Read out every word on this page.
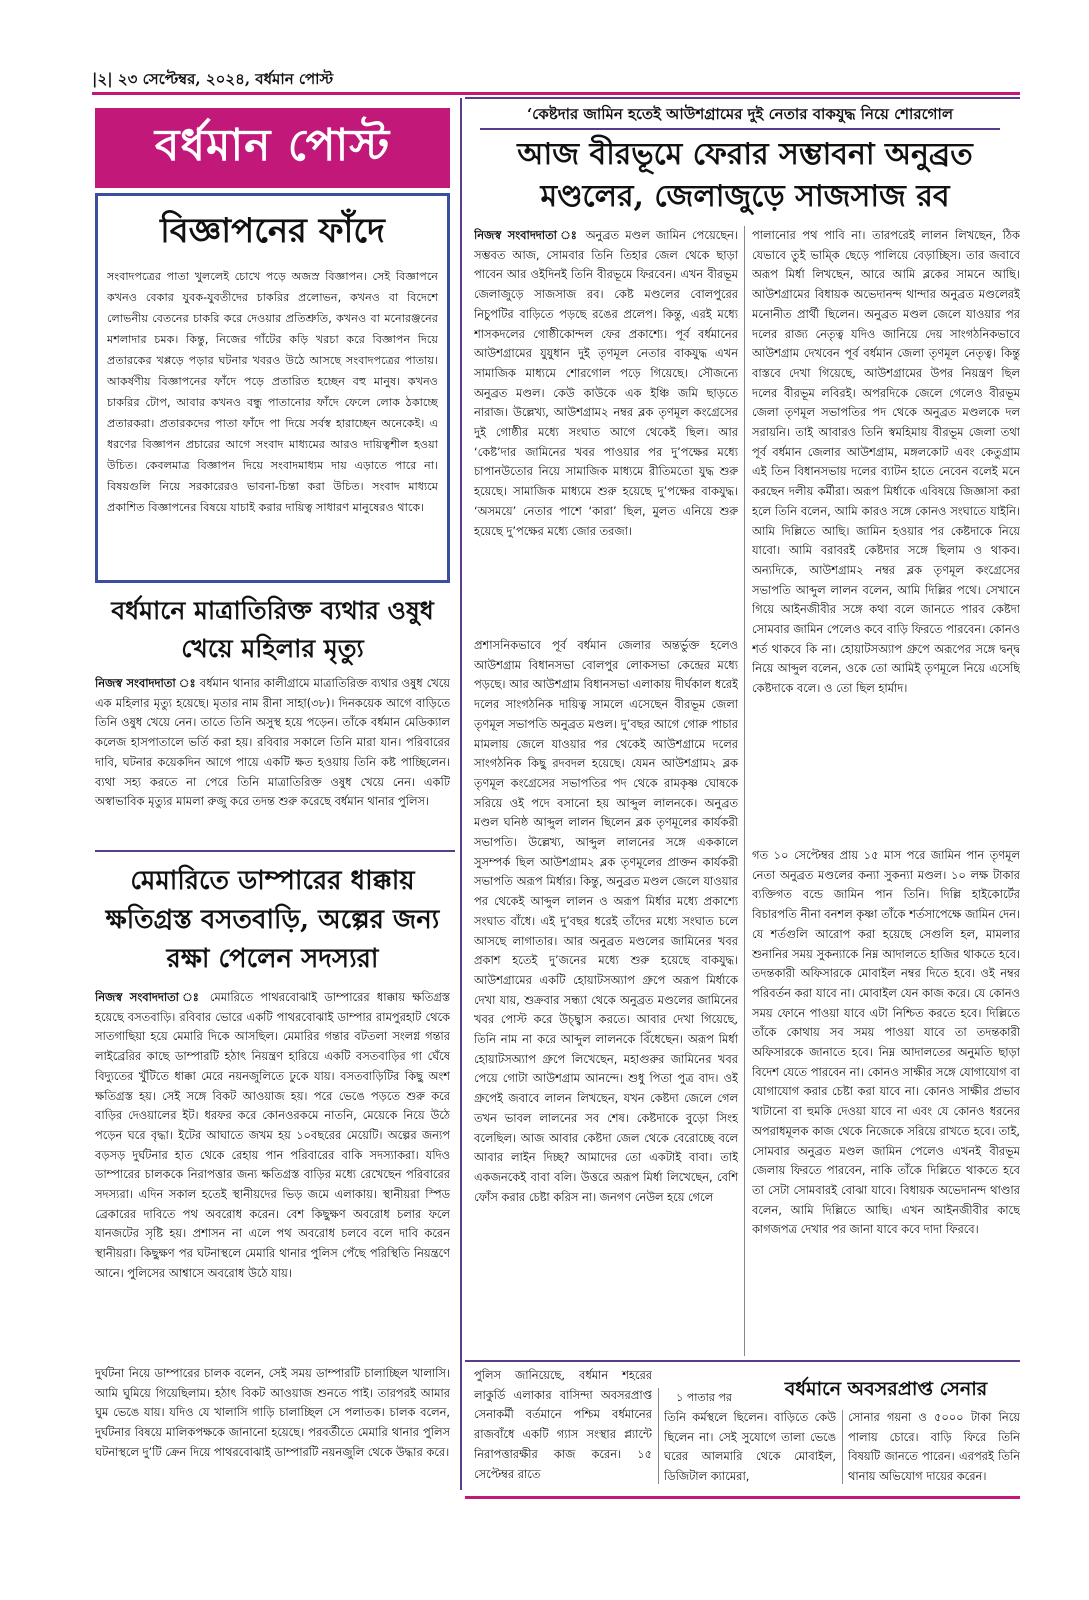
|২| ২৩ সেপ্টেম্বর, ২০২৪, বর্ধমান পোস্ট
বর্ধমান পোস্ট
বিজ্ঞাপনের ফাঁদে

সংবাদপত্রের পাতা খুললেই চোখে পড়ে অজস্র বিজ্ঞাপন। সেই বিজ্ঞাপনে কখনও বেকার যুবক-যুবতীদের চাকরির প্রলোভন, কখনও বা বিদেশে লোভনীয় বেতনের চাকরি করে দেওয়ার প্রতিশ্রুতি, কখনও বা মনোরঞ্জনের মশলাদার চমক। কিন্তু, নিজের গাঁটের কড়ি খরচা করে বিজ্ঞাপন দিয়ে প্রতারকের খপ্পড়ে পড়ার ঘটনার খবরও উঠে আসছে সংবাদপত্রের পাতায়। আকর্ষণীয় বিজ্ঞাপনের ফাঁদে পড়ে প্রতারিত হচ্ছেন বহু মানুষ। কখনও চাকরির টোপ, আবার কখনও বন্ধু পাতানোর ফাঁদে ফেলে লোক ঠকাচ্ছে প্রতারকরা। প্রতারকদের পাতা ফাঁদে পা দিয়ে সর্বস্ব হারাচ্ছেন অনেকেই। এ ধরণের বিজ্ঞাপন প্রচারের আগে সংবাদ মাধ্যমের আরও দায়িত্বশীল হওয়া উচিত। কেবলমাত্র বিজ্ঞাপন দিয়ে সংবাদমাধ্যম দায় এড়াতে পারে না। বিষয়গুলি নিয়ে সরকারেরও ভাবনা-চিন্তা করা উচিত। সংবাদ মাধ্যমে প্রকাশিত বিজ্ঞাপনের বিষয়ে যাচাই করার দায়িত্ব সাধারণ মানুষেরও থাকে।

বর্ধমানে মাত্রাতিরিক্ত ব্যথার ওষুধ খেয়ে মহিলার মৃত্যু

নিজস্ব সংবাদদাতা ঃ বর্ধমান থানার কালীগ্রামে মাত্রাতিরিক্ত ব্যথার ওষুধ খেয়ে এক মহিলার মৃত্যু হয়েছে। মৃতার নাম রীনা সাহা(৩৮)। দিনকয়েক আগে বাড়িতে তিনি ওষুধ খেয়ে নেন। তাতে তিনি অসুস্থ হয়ে পড়েন। তাঁকে বর্ধমান মেডিক্যাল কলেজ হাসপাতালে ভর্তি করা হয়। রবিবার সকালে তিনি মারা যান। পরিবারের দাবি, ঘটনার কয়েকদিন আগে পায়ে একটি ক্ষত হওয়ায় তিনি কষ্ট পাচ্ছিলেন। ব্যথা সহ্য করতে না পেরে তিনি মাত্রাতিরিক্ত ওষুধ খেয়ে নেন। একটি অস্বাভাবিক মৃত্যুর মামলা রুজু করে তদন্ত শুরু করেছে বর্ধমান থানার পুলিস।

মেমারিতে ডাম্পারের ধাক্কায় ক্ষতিগ্রস্ত বসতবাড়ি, অল্পের জন্য রক্ষা পেলেন সদস্যরা

নিজস্ব সংবাদদাতা ঃ মেমারিতে পাথরবোঝাই ডাম্পারের ধাক্কায় ক্ষতিগ্রস্ত হয়েছে বসতবাড়ি। রবিবার ভোরে একটি পাথরবোঝাই ডাম্পার রামপুরহাট থেকে সাতগাছিয়া হয়ে মেমারি দিকে আসছিল। মেমারির গন্তার বটতলা সংলগ্ন গন্তার লাইব্রেরির কাছে ডাম্পারটি হঠাৎ নিয়ন্ত্রণ হারিয়ে একটি বসতবাড়ির গা ঘেঁষে বিদ্যুতের খুঁটিতে ধাক্কা মেরে নয়নজুলিতে ঢুকে যায়। বসতবাড়িটির কিছু অংশ ক্ষতিগ্রস্ত হয়। সেই সঙ্গে বিকট আওয়াজ হয়। পরে ভেঙে পড়তে শুরু করে বাড়ির দেওয়ালের ইট। ধরফর করে কোনওরকমে নাতনি, মেয়েকে নিয়ে উঠে পড়েন ঘরে বৃদ্ধা। ইটের আঘাতে জখম হয় ১০বছরের মেয়েটি। অল্পের জন্যপ বড়সড় দুর্ঘটনার হাত থেকে রেহায় পান পরিবারের বাকি সদস্যাকরা। যদিও ডাম্পারের চালককে নিরাপত্তার জন্য ক্ষতিগ্রস্ত বাড়ির মধ্যে রেখেছেন পরিবারের সদস্যরা। এদিন সকাল হতেই স্থানীয়দের ভিড় জমে এলাকায়। স্থানীয়রা স্পিড ব্রেকারের দাবিতে পথ অবরোধ করেন। বেশ কিছুক্ষণ অবরোধ চলার ফলে যানজটের সৃষ্টি হয়। প্রশাসন না এলে পথ অবরোধ চলবে বলে দাবি করেন স্থানীয়রা। কিছুক্ষণ পর ঘটনাস্থলে মেমারি থানার পুলিস পেঁছে পরিস্থিতি নিয়ন্ত্রণে আনে। পুলিসের আশ্বাসে অবরোধ উঠে যায়।

দুর্ঘটনা নিয়ে ডাম্পারের চালক বলেন, সেই সময় ডাম্পারটি চালাচ্ছিল খালাসি। আমি ঘুমিয়ে গিয়েছিলাম। হঠাৎ বিকট আওয়াজ শুনতে পাই। তারপরই আমার ঘুম ভেঙে যায়। যদিও যে খালাসি গাড়ি চালাচ্ছিল সে পলাতক। চালক বলেন, দুর্ঘটনার বিষয়ে মালিকপক্ষকে জানানো হয়েছে। পরবর্তীতে মেমারি থানার পুলিস ঘটনাস্থলে দু’টি ক্রেন দিয়ে পাথরবোঝাই ডাম্পারটি নয়নজুলি থেকে উদ্ধার করে।

‘কেষ্টদার জামিন হতেই আউশগ্রামের দুই নেতার বাকযুদ্ধ নিয়ে শোরগোল
আজ বীরভূমে ফেরার সম্ভাবনা অনুব্রত মণ্ডলের, জেলাজুড়ে সাজসাজ রব

নিজস্ব সংবাদদাতা ঃ অনুব্রত মণ্ডল জামিন পেয়েছেন। সম্ভবত আজ, সোমবার তিনি তিহার জেল থেকে ছাড়া পাবেন আর ওইদিনই তিনি বীরভূমে ফিরবেন। এখন বীরভূম জেলাজুড়ে সাজসাজ রব। কেষ্ট মণ্ডলের বোলপুরের নিচুপটির বাড়িতে পড়ছে রঙের প্রলেপ। কিন্তু, এরই মধ্যে শাসকদলের গোষ্ঠীকোন্দল ফের প্রকাশ্যে। পূর্ব বর্ধমানের আউশগ্রামের যুযুধান দুই তৃণমূল নেতার বাকযুদ্ধ এখন সামাজিক মাধ্যমে শোরগোল পড়ে গিয়েছে। সৌজন্যে অনুব্রত মণ্ডল। কেউ কাউকে এক ইঞ্চি জমি ছাড়তে নারাজ। উল্লেখ্য, আউশগ্রাম২ নম্বর ব্লক তৃণমূল কংগ্রেসের দুই গোষ্ঠীর মধ্যে সংঘাত আগে থেকেই ছিল। আর ‘কেষ্ট’দার জামিনের খবর পাওয়ার পর দু’পক্ষের মধ্যে চাপানউতোর নিয়ে সামাজিক মাধ্যমে রীতিমতো যুদ্ধ শুরু হয়েছে। সামাজিক মাধ্যমে শুরু হয়েছে দু’পক্ষের বাকযুদ্ধ। ‘অসময়ে’ নেতার পাশে ‘কারা’ ছিল, মুলত এনিয়ে শুরু হয়েছে দু’পক্ষের মধ্যে জোর তরজা।

প্রশাসনিকভাবে পূর্ব বর্ধমান জেলার অন্তর্ভুক্ত হলেও আউশগ্রাম বিধানসভা বোলপুর লোকসভা কেন্দ্রের মধ্যে পড়ছে। আর আউশগ্রাম বিধানসভা এলাকায় দীর্ঘকাল ধরেই দলের সাংগঠনিক দায়িত্ব সামলে এসেছেন বীরভূম জেলা তৃণমূল সভাপতি অনুব্রত মণ্ডল। দু’বছর আগে গোরু পাচার মামলায় জেলে যাওয়ার পর থেকেই আউশগ্রামে দলের সাংগঠনিক কিছু রদবদল হয়েছে। যেমন আউশগ্রাম২ ব্লক তৃণমূল কংগ্রেসের সভাপতির পদ থেকে রামকৃষ্ণ ঘোষকে সরিয়ে ওই পদে বসানো হয় আব্দুল লালনকে। অনুব্রত মণ্ডল ঘনিষ্ঠ আব্দুল লালন ছিলেন ব্লক তৃণমূলের কার্যকরী সভাপতি। উল্লেখ্য, আব্দুল লালনের সঙ্গে এককালে সুসম্পর্ক ছিল আউশগ্রাম২ ব্লক তৃণমূলের প্রাক্তন কার্যকরী সভাপতি অরূপ মির্ধার। কিন্তু, অনুব্রত মণ্ডল জেলে যাওয়ার পর থেকেই আব্দুল লালন ও অরূপ মির্ধার মধ্যে প্রকাশ্যে সংঘাত বাঁধে। এই দু’বছর ধরেই তাঁদের মধ্যে সংঘাত চলে আসছে লাগাতার। আর অনুব্রত মণ্ডলের জামিনের খবর প্রকাশ হতেই দু’জনের মধ্যে শুরু হয়েছে বাকযুদ্ধ। আউশগ্রামের একটি হোয়াটসঅ্যাপ গ্রুপে অরূপ মির্ধাকে দেখা যায়, শুক্রবার সন্ধ্যা থেকে অনুব্রত মণ্ডলের জামিনের খবর পোস্ট করে উচ্ছ্বাস করতে। আবার দেখা গিয়েছে, তিনি নাম না করে আব্দুল লালনকে বিঁধেছেন। অরূপ মির্ধা হোয়াটসঅ্যাপ গ্রুপে লিখেছেন, মহাগুরুর জামিনের খবর পেয়ে গোটা আউশগ্রাম আনন্দে। শুধু পিতা পুত্র বাদ। ওই গ্রুপেই জবাবে লালন লিখছেন, যখন কেষ্টদা জেলে গেল তখন ভাবল লালনের সব শেষ। কেষ্টদাকে বুড়ো সিংহ বলেছিল। আজ আবার কেষ্টদা জেল থেকে বেরোচ্ছে বলে আবার লাইন দিচ্ছ? আমাদের তো একটাই বাবা। তাই একজনকেই বাবা বলি। উত্তরে অরূপ মির্ধা লিখেছেন, বেশি ফোঁস করার চেষ্টা করিস না। জনগণ নেউল হয়ে গেলে

পালানোর পথ পাবি না। তারপরেই লালন লিখছেন, ঠিক যেভাবে তুই ভাম্কি ছেড়ে পালিয়ে বেড়াচ্ছিস। তার জবাবে অরূপ মির্ধা লিখছেন, আরে আমি ব্লকের সামনে আছি। আউশগ্রামের বিধায়ক অভেদানন্দ থান্দার অনুব্রত মণ্ডলেরই মনোনীত প্রার্থী ছিলেন। অনুব্রত মণ্ডল জেলে যাওয়ার পর দলের রাজ্য নেতৃত্ব যদিও জানিয়ে দেয় সাংগঠনিকভাবে আউশগ্রাম দেখবেন পূর্ব বর্ধমান জেলা তৃণমূল নেতৃত্ব। কিন্তু বাস্তবে দেখা গিয়েছে, আউশগ্রামের উপর নিয়ন্ত্রণ ছিল দলের বীরভূম লবিরই। অপরদিকে জেলে গেলেও বীরভূম জেলা তৃণমূল সভাপতির পদ থেকে অনুব্রত মণ্ডলকে দল সরায়নি। তাই আবারও তিনি স্বমহিমায় বীরভূম জেলা তথা পূর্ব বর্ধমান জেলার আউশগ্রাম, মঙ্গলকোট এবং কেতুগ্রাম এই তিন বিধানসভায় দলের ব্যাটন হাতে নেবেন বলেই মনে করছেন দলীয় কর্মীরা। অরূপ মির্ধাকে এবিষয়ে জিজ্ঞাসা করা হলে তিনি বলেন, আমি কারও সঙ্গে কোনও সংঘাতে যাইনি। আমি দিল্লিতে আছি। জামিন হওয়ার পর কেষ্টদাকে নিয়ে যাবো। আমি বরাবরই কেষ্টদার সঙ্গে ছিলাম ও থাকব। অন্যদিকে, আউশগ্রাম২ নম্বর ব্লক তৃণমূল কংগ্রেসের সভাপতি আব্দুল লালন বলেন, আমি দিল্লির পথে। সেখানে গিয়ে আইনজীবীর সঙ্গে কথা বলে জানতে পারব কেষ্টদা সোমবার জামিন পেলেও কবে বাড়ি ফিরতে পারবেন। কোনও শর্ত থাকবে কি না। হোয়াটসঅ্যাপ গ্রুপে অরূপের সঙ্গে দ্বন্দ্ব নিয়ে আব্দুল বলেন, ওকে তো আমিই তৃণমূলে নিয়ে এসেছি কেষ্টদাকে বলে। ও তো ছিল হার্মাদ।

গত ১০ সেপ্টেম্বর প্রায় ১৫ মাস পরে জামিন পান তৃণমূল নেতা অনুব্রত মণ্ডলের কন্যা সুকন্যা মণ্ডল। ১০ লক্ষ টাকার ব্যক্তিগত বন্ডে জামিন পান তিনি। দিল্লি হাইকোর্টের বিচারপতি নীনা বনশল কৃষ্ণা তাঁকে শর্তসাপেক্ষে জামিন দেন। যে শর্তগুলি আরোপ করা হয়েছে সেগুলি হল, মামলার শুনানির সময় সুকন্যাকে নিম্ন আদালতে হাজির থাকতে হবে। তদন্তকারী অফিসারকে মোবাইল নম্বর দিতে হবে। ওই নম্বর পরিবর্তন করা যাবে না। মোবাইল যেন কাজ করে। যে কোনও সময় ফোনে পাওয়া যাবে এটা নিশ্চিত করতে হবে। দিল্লিতে তাঁকে কোথায় সব সময় পাওয়া যাবে তা তদন্তকারী অফিসারকে জানাতে হবে। নিম্ন আদালতের অনুমতি ছাড়া বিদেশ যেতে পারবেন না। কোনও সাক্ষীর সঙ্গে যোগাযোগ বা যোগাযোগ করার চেষ্টা করা যাবে না। কোনও সাক্ষীর প্রভাব খাটানো বা হুমকি দেওয়া যাবে না এবং যে কোনও ধরনের অপরাধমূলক কাজ থেকে নিজেকে সরিয়ে রাখতে হবে। তাই, সোমবার অনুব্রত মণ্ডল জামিন পেলেও এখনই বীরভূম জেলায় ফিরতে পারবেন, নাকি তাঁকে দিল্লিতে থাকতে হবে তা সেটা সোমবারই বোঝা যাবে। বিধায়ক অভেদানন্দ থাণ্ডার বলেন, আমি দিল্লিতে আছি। এখন আইনজীবীর কাছে কাগজপত্র দেখার পর জানা যাবে কবে দাদা ফিরবে।

বর্ধমানে অবসরপ্রাপ্ত সেনার

পুলিস জানিয়েছে, বর্ধমান শহরের লাকুর্ডি এলাকার বাসিন্দা অবসরপ্রাপ্ত সেনাকর্মী বর্তমানে পশ্চিম বর্ধমানের রাজবাঁধে একটি গ্যাস সংস্থার প্ল্যান্টে নিরাপত্তারক্ষীর কাজ করেন। ১৫ সেপ্টেম্বর রাতে

১ পাতার পর

তিনি কর্মস্থলে ছিলেন। বাড়িতে কেউ ছিলেন না। সেই সুযোগে তালা ভেঙে ঘরের আলমারি থেকে মোবাইল, ডিজিটাল ক্যামেরা,

সোনার গয়না ও ৫০০০ টাকা নিয়ে পালায় চোরে। বাড়ি ফিরে তিনি বিষয়টি জানতে পারেন। এরপরই তিনি থানায় অভিযোগ দায়ের করেন।
